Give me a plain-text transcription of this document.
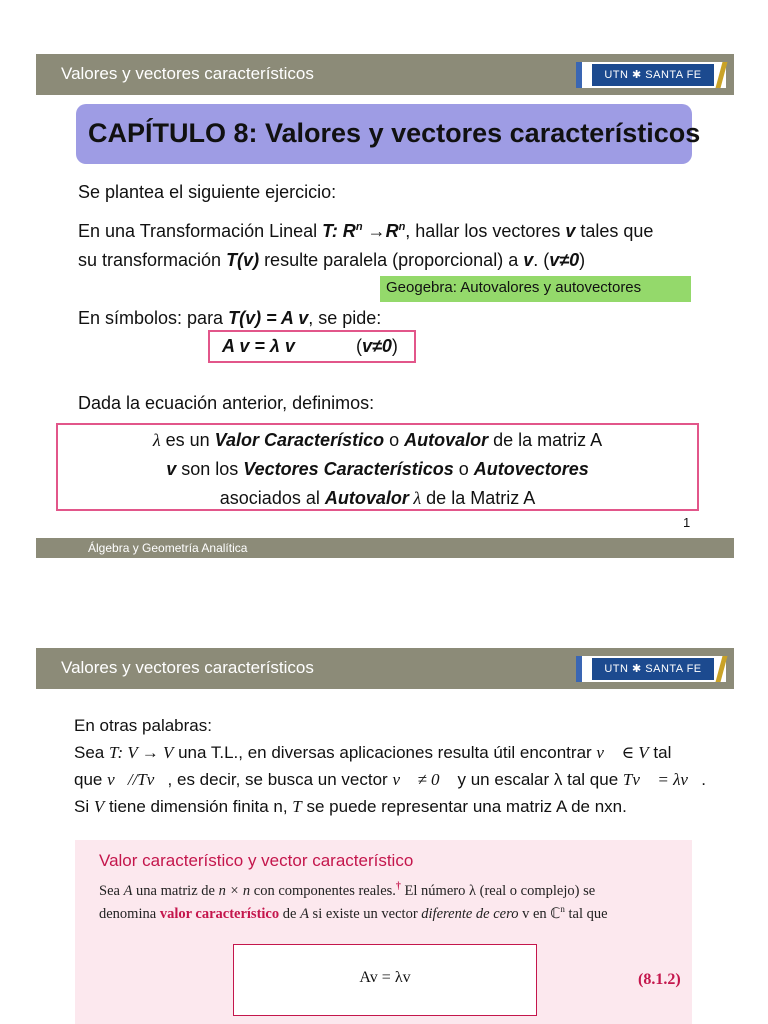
Valores y vectores característicos	UTN ✱ SANTA FE
CAPÍTULO 8: Valores y vectores característicos
Se plantea el siguiente ejercicio:
En una Transformación Lineal T: $R^n \to R^n$, hallar los vectores v tales que
su transformación T(v) resulte paralela (proporcional) a v. (v≠0)
Geogebra: Autovalores y autovectores
En símbolos: para T(v) = A v, se pide:
A v = λ v	(v≠0)
Dada la ecuación anterior, definimos:
λ es un Valor Característico o Autovalor de la matriz A
v son los Vectores Característicos o Autovectores
asociados al Autovalor λ de la Matriz A
1
Álgebra y Geometría Analítica
Valores y vectores característicos	UTN ✱ SANTA FE
En otras palabras:
Sea T: V → V una T.L., en diversas aplicaciones resulta útil encontrar v⃗ ∈ V tal
que v⃗//Tv⃗, es decir, se busca un vector v⃗ ≠ 0⃗ y un escalar λ tal que Tv⃗ = λv⃗.
Si V tiene dimensión finita n, T se puede representar una matriz A de nxn.
Valor característico y vector característico
Sea A una matriz de n × n con componentes reales.† El número λ (real o complejo) se
denomina valor característico de A si existe un vector diferente de cero v en ℂ$^n$ tal que
Av = λv	(8.1.2)
